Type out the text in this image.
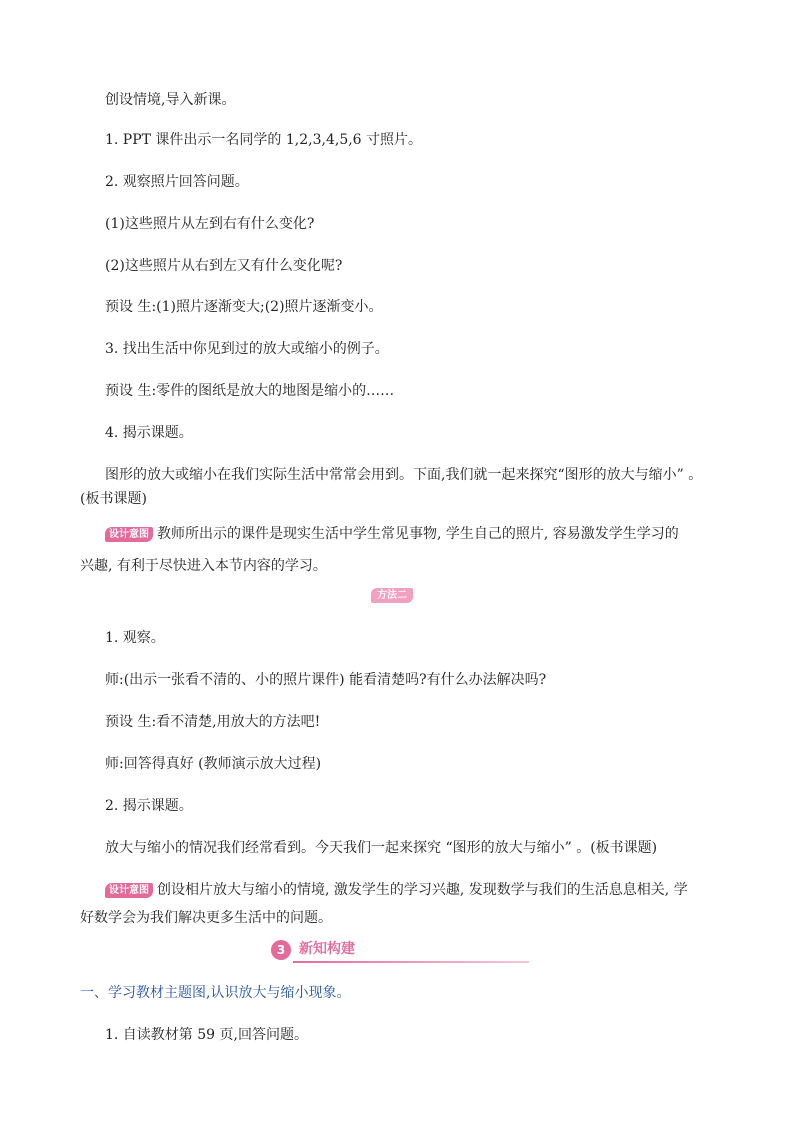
创设情境,导入新课。

1. PPT 课件出示一名同学的 1,2,3,4,5,6 寸照片。

2. 观察照片回答问题。

(1)这些照片从左到右有什么变化?

(2)这些照片从右到左又有什么变化呢?

预设 生:(1)照片逐渐变大;(2)照片逐渐变小。

3. 找出生活中你见到过的放大或缩小的例子。

预设 生:零件的图纸是放大的地图是缩小的……

4. 揭示课题。

图形的放大或缩小在我们实际生活中常常会用到。下面,我们就一起来探究“图形的放大与缩小” 。

(板书课题)

设计意图 教师所出示的课件是现实生活中学生常见事物, 学生自己的照片, 容易激发学生学习的

兴趣, 有利于尽快进入本节内容的学习。

方法二

1. 观察。

师:(出示一张看不清的、小的照片课件) 能看清楚吗?有什么办法解决吗?

预设 生:看不清楚,用放大的方法吧!

师:回答得真好 (教师演示放大过程)

2. 揭示课题。

放大与缩小的情况我们经常看到。今天我们一起来探究 “图形的放大与缩小” 。(板书课题)

设计意图 创设相片放大与缩小的情境, 激发学生的学习兴趣, 发现数学与我们的生活息息相关, 学

好数学会为我们解决更多生活中的问题。

3 新知构建

一、学习教材主题图,认识放大与缩小现象。

1. 自读教材第 59 页,回答问题。
